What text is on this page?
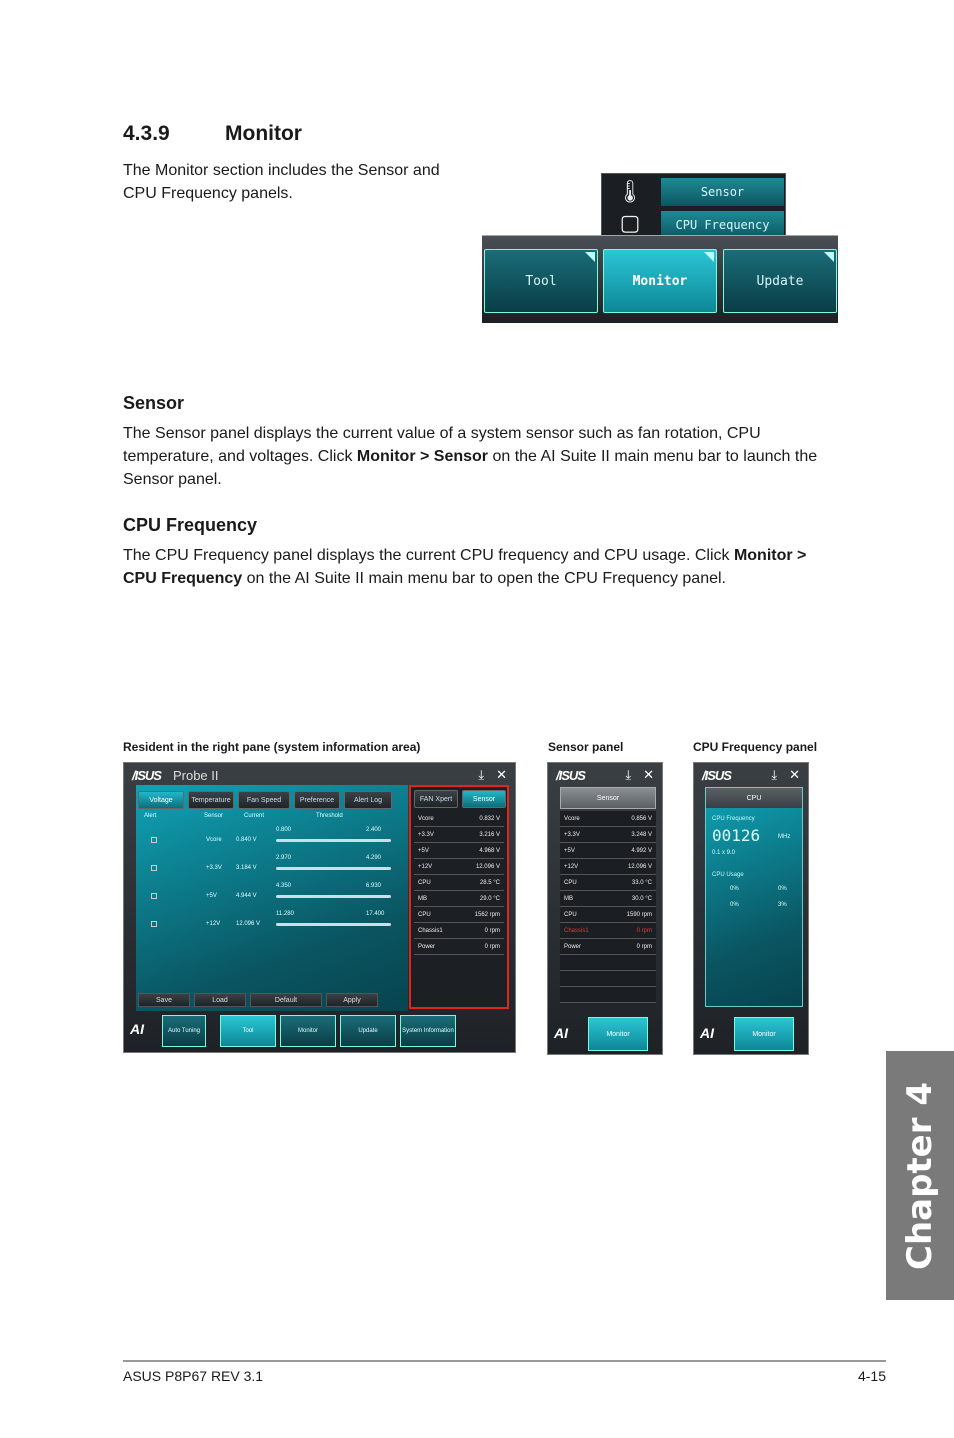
4.3.9	Monitor
The Monitor section includes the Sensor and CPU Frequency panels.	🌡
▢
Sensor
CPU Frequency
Tool	Monitor	Update
Sensor
The Sensor panel displays the current value of a system sensor such as fan rotation, CPU temperature, and voltages. Click Monitor > Sensor on the AI Suite II main menu bar to launch the Sensor panel.
CPU Frequency
The CPU Frequency panel displays the current CPU frequency and CPU usage. Click Monitor > CPU Frequency on the AI Suite II main menu bar to open the CPU Frequency panel.
Resident in the right pane (system information area)	Sensor panel	CPU Frequency panel
/ISUS Probe II	⤓ ✕
Voltage	Temperature	Fan Speed	Preference	Alert Log
Alert	Sensor	Current	Threshold
Vcore 0.840 V
0.800	2.400
+3.3V 3.184 V
2.970	4.290
+5V	4.944 V
4.350	6.930
+12V	12.096 V
11.280	17.400
Save	Load	Default	Apply
FAN Xpert	Sensor
Vcore	0.832 V
+3.3V	3.216 V
+5V	4.968 V
+12V	12.096 V
CPU	28.5 °C
MB	29.0 °C
CPU	1562 rpm
Chassis1	0 rpm
Power	0 rpm
AI	Auto Tuning	Tool	Monitor	Update	System Information
/ISUS	⤓ ✕
Sensor
Vcore	0.856 V
+3.3V	3.248 V
+5V	4.992 V
+12V	12.096 V
CPU	33.0 °C
MB	30.0 °C
CPU	1590 rpm
Chassis1	0 rpm
Power	0 rpm
AI	Monitor
/ISUS	⤓ ✕
CPU
CPU Frequency
00126	MHz
0.1 x 9.0
CPU Usage
0%	0%
0%	3%
AI	Monitor
Chapter 4
ASUS P8P67 REV 3.1	4-15
